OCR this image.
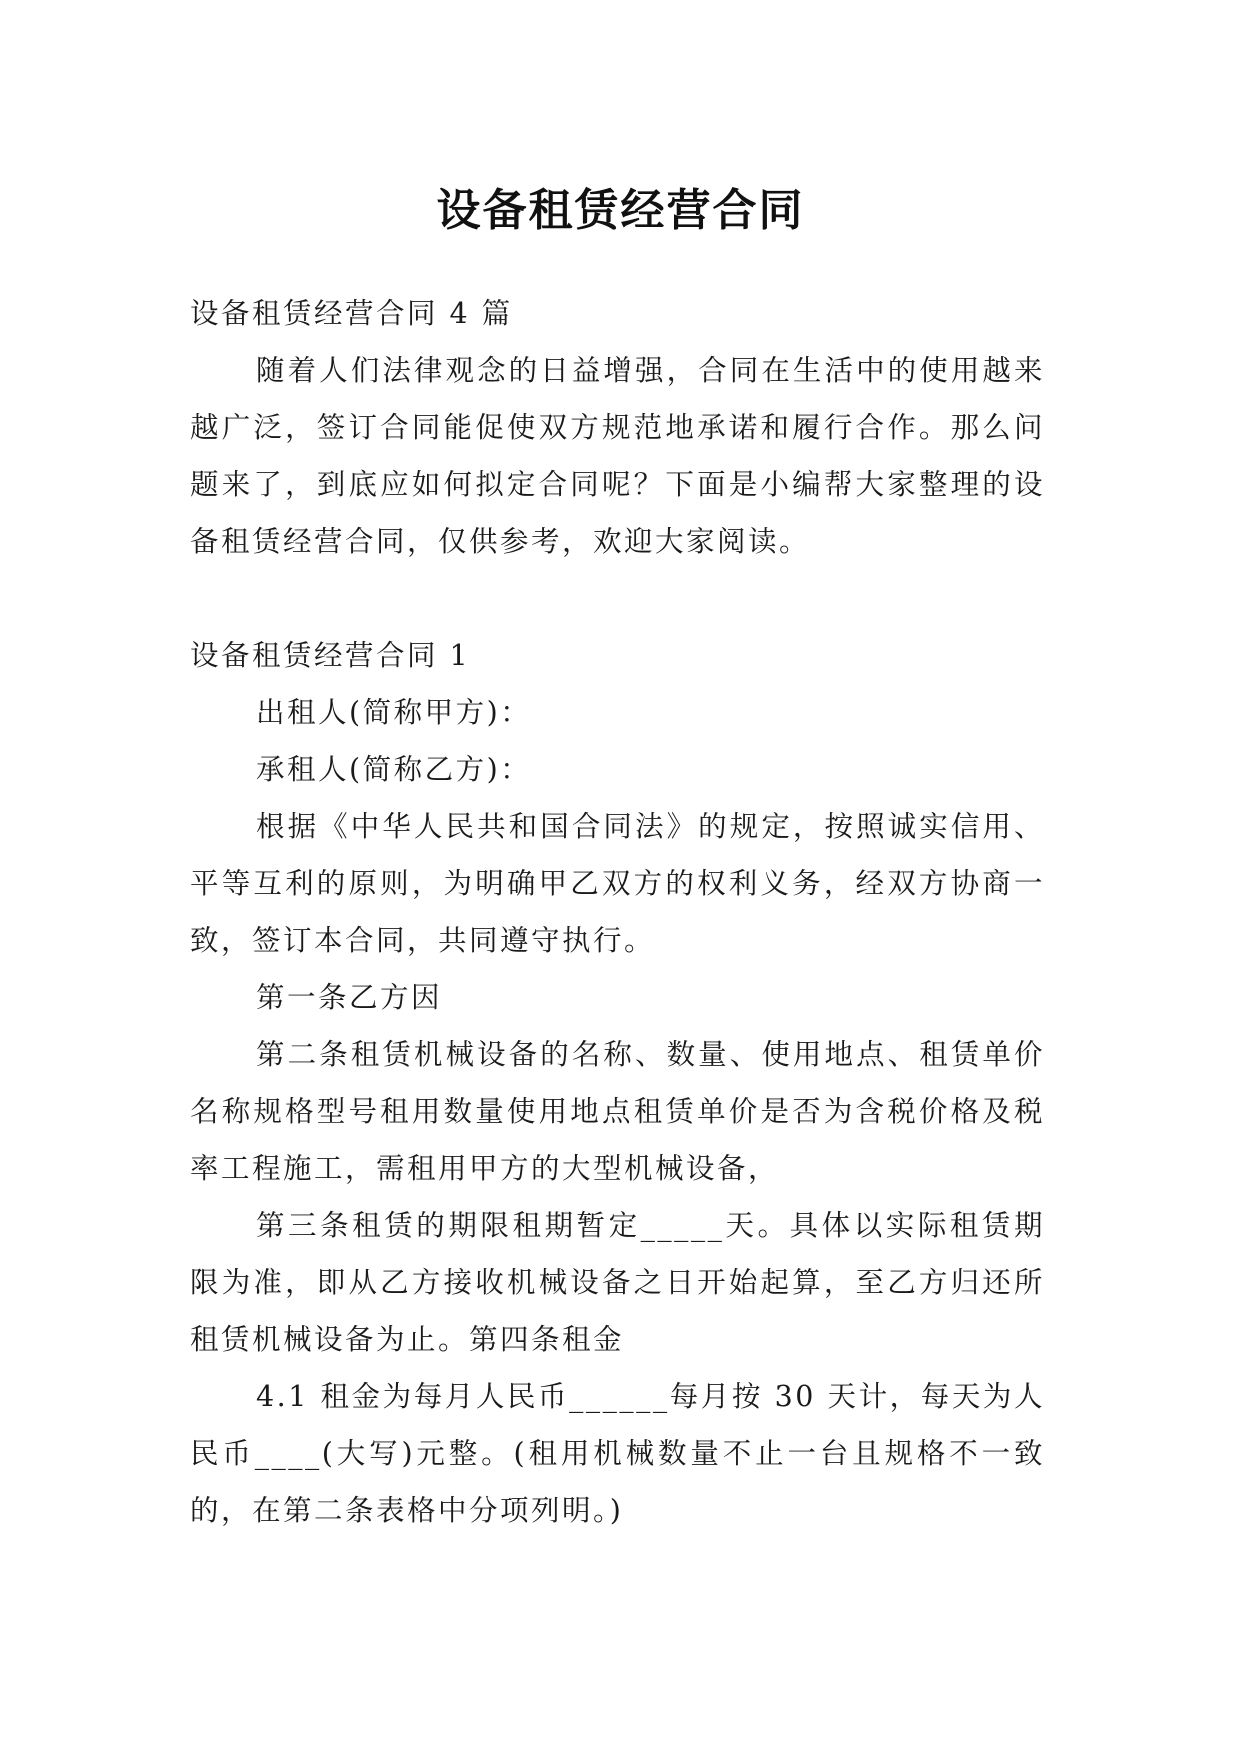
设备租赁经营合同

设备租赁经营合同 4 篇

随着人们法律观念的日益增强，合同在生活中的使用越来越广泛，签订合同能促使双方规范地承诺和履行合作。那么问题来了，到底应如何拟定合同呢？下面是小编帮大家整理的设备租赁经营合同，仅供参考，欢迎大家阅读。

设备租赁经营合同 1

出租人(简称甲方)：

承租人(简称乙方)：

根据《中华人民共和国合同法》的规定，按照诚实信用、平等互利的原则，为明确甲乙双方的权利义务，经双方协商一致，签订本合同，共同遵守执行。

第一条乙方因

第二条租赁机械设备的名称、数量、使用地点、租赁单价名称规格型号租用数量使用地点租赁单价是否为含税价格及税率工程施工，需租用甲方的大型机械设备，

第三条租赁的期限租期暂定_____天。具体以实际租赁期限为准，即从乙方接收机械设备之日开始起算，至乙方归还所租赁机械设备为止。第四条租金

4.1 租金为每月人民币______每月按 30 天计，每天为人民币____(大写)元整。(租用机械数量不止一台且规格不一致的，在第二条表格中分项列明。)
